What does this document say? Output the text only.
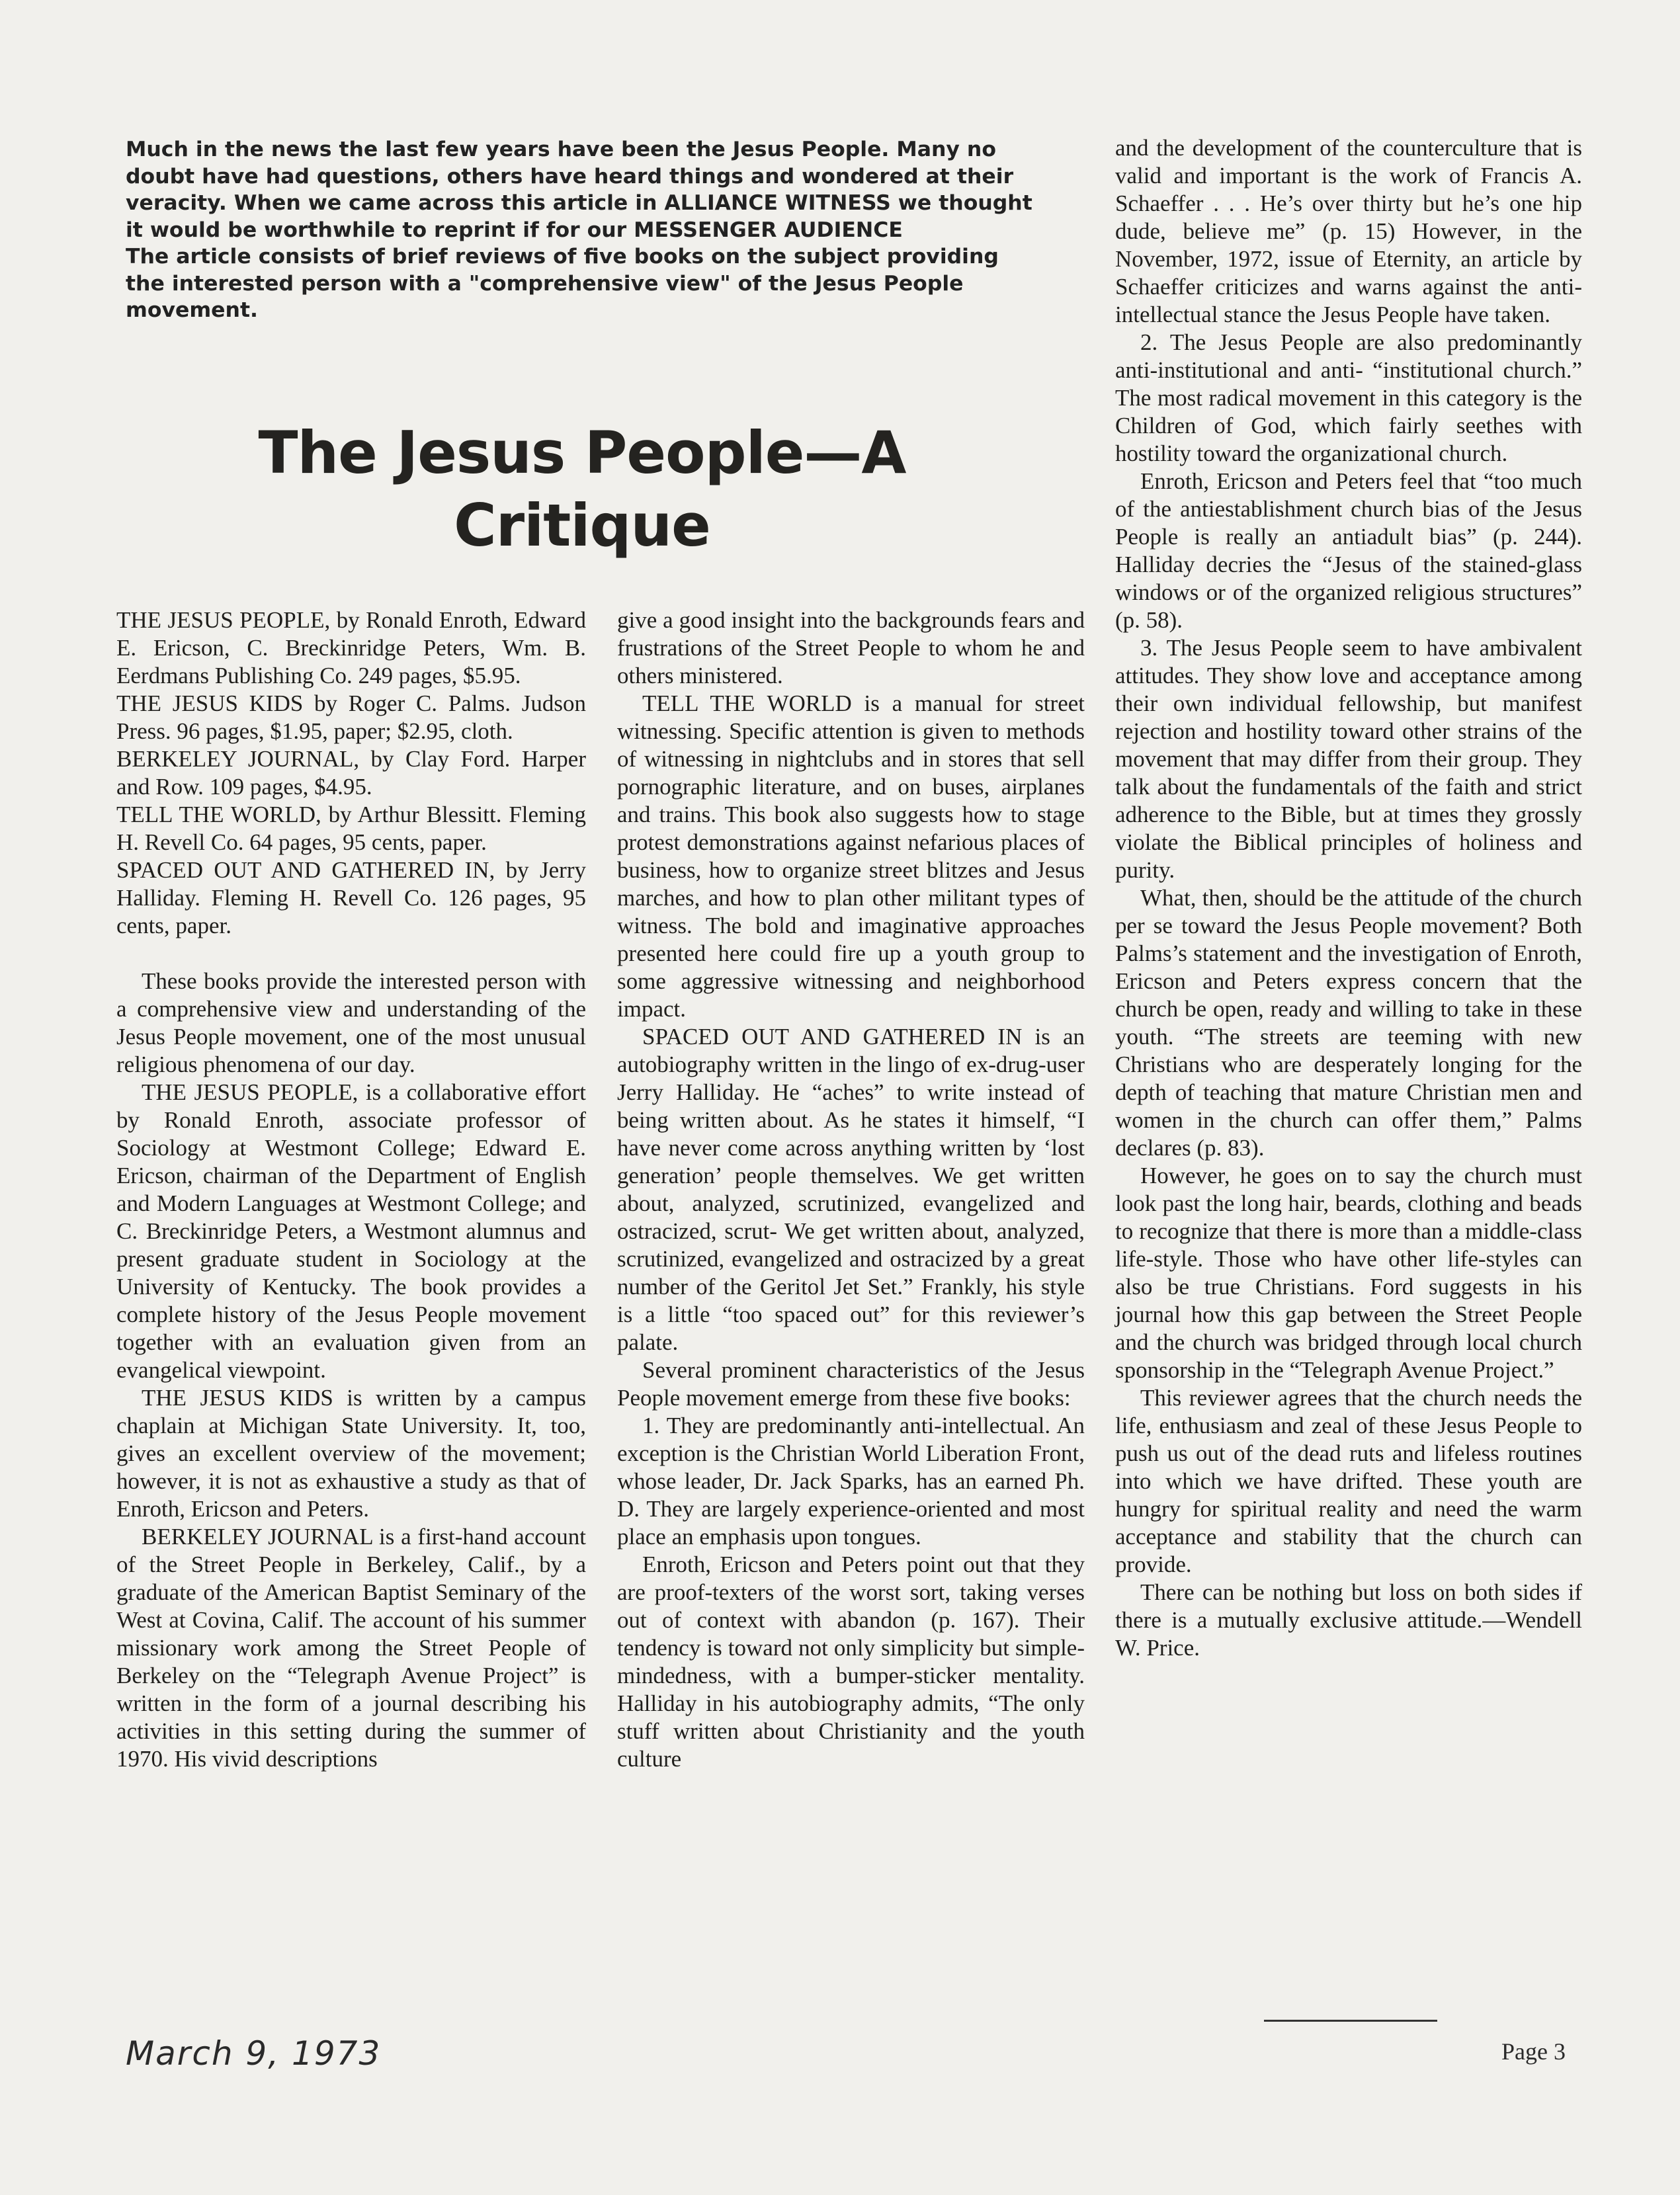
Much in the news the last few years have been the Jesus People. Many no doubt have had questions, others have heard things and wondered at their veracity. When we came across this article in ALLIANCE WITNESS we thought it would be worthwhile to reprint if for our MESSENGER AUDIENCE

The article consists of brief reviews of five books on the subject providing the interested person with a "comprehensive view" of the Jesus People movement.

The Jesus People—A Critique

THE JESUS PEOPLE, by Ronald Enroth, Edward E. Ericson, C. Breckinridge Peters, Wm. B. Eerdmans Publishing Co. 249 pages, $5.95.

THE JESUS KIDS by Roger C. Palms. Judson Press. 96 pages, $1.95, paper; $2.95, cloth.

BERKELEY JOURNAL, by Clay Ford. Harper and Row. 109 pages, $4.95.

TELL THE WORLD, by Arthur Blessitt. Fleming H. Revell Co. 64 pages, 95 cents, paper.

SPACED OUT AND GATHERED IN, by Jerry Halliday. Fleming H. Revell Co. 126 pages, 95 cents, paper.

These books provide the interested person with a comprehensive view and understanding of the Jesus People movement, one of the most unusual religious phenomena of our day.

THE JESUS PEOPLE, is a collaborative effort by Ronald Enroth, associate professor of Sociology at Westmont College; Edward E. Ericson, chairman of the Department of English and Modern Languages at Westmont College; and C. Breckinridge Peters, a Westmont alumnus and present graduate student in Sociology at the University of Kentucky. The book provides a complete history of the Jesus People movement together with an evaluation given from an evangelical viewpoint.

THE JESUS KIDS is written by a campus chaplain at Michigan State University. It, too, gives an excellent overview of the movement; however, it is not as exhaustive a study as that of Enroth, Ericson and Peters.

BERKELEY JOURNAL is a first-hand account of the Street People in Berkeley, Calif., by a graduate of the American Baptist Seminary of the West at Covina, Calif. The account of his summer missionary work among the Street People of Berkeley on the “Telegraph Avenue Project” is written in the form of a journal describing his activities in this setting during the summer of 1970. His vivid descriptions

give a good insight into the backgrounds fears and frustrations of the Street People to whom he and others ministered.

TELL THE WORLD is a manual for street witnessing. Specific attention is given to methods of witnessing in nightclubs and in stores that sell pornographic literature, and on buses, airplanes and trains. This book also suggests how to stage protest demonstrations against nefarious places of business, how to organize street blitzes and Jesus marches, and how to plan other militant types of witness. The bold and imaginative approaches presented here could fire up a youth group to some aggressive witnessing and neighborhood impact.

SPACED OUT AND GATHERED IN is an autobiography written in the lingo of ex-drug-user Jerry Halliday. He “aches” to write instead of being written about. As he states it himself, “I have never come across anything written by ‘lost generation’ people themselves. We get written about, analyzed, scrutinized, evangelized and ostracized, scrut- We get written about, analyzed, scrutinized, evangelized and ostracized by a great number of the Geritol Jet Set.” Frankly, his style is a little “too spaced out” for this reviewer’s palate.

Several prominent characteristics of the Jesus People movement emerge from these five books:

1. They are predominantly anti-intellectual. An exception is the Christian World Liberation Front, whose leader, Dr. Jack Sparks, has an earned Ph. D. They are largely experience-oriented and most place an emphasis upon tongues.

Enroth, Ericson and Peters point out that they are proof-texters of the worst sort, taking verses out of context with abandon (p. 167). Their tendency is toward not only simplicity but simple-mindedness, with a bumper-sticker mentality. Halliday in his autobiography admits, “The only stuff written about Christianity and the youth culture

and the development of the counterculture that is valid and important is the work of Francis A. Schaeffer . . . He’s over thirty but he’s one hip dude, believe me” (p. 15) However, in the November, 1972, issue of Eternity, an article by Schaeffer criticizes and warns against the anti-intellectual stance the Jesus People have taken.

2. The Jesus People are also predominantly anti-institutional and anti- “institutional church.” The most radical movement in this category is the Children of God, which fairly seethes with hostility toward the organizational church.

Enroth, Ericson and Peters feel that “too much of the antiestablishment church bias of the Jesus People is really an antiadult bias” (p. 244). Halliday decries the “Jesus of the stained-glass windows or of the organized religious structures” (p. 58).

3. The Jesus People seem to have ambivalent attitudes. They show love and acceptance among their own individual fellowship, but manifest rejection and hostility toward other strains of the movement that may differ from their group. They talk about the fundamentals of the faith and strict adherence to the Bible, but at times they grossly violate the Biblical principles of holiness and purity.

What, then, should be the attitude of the church per se toward the Jesus People movement? Both Palms’s statement and the investigation of Enroth, Ericson and Peters express concern that the church be open, ready and willing to take in these youth. “The streets are teeming with new Christians who are desperately longing for the depth of teaching that mature Christian men and women in the church can offer them,” Palms declares (p. 83).

However, he goes on to say the church must look past the long hair, beards, clothing and beads to recognize that there is more than a middle-class life-style. Those who have other life-styles can also be true Christians. Ford suggests in his journal how this gap between the Street People and the church was bridged through local church sponsorship in the “Telegraph Avenue Project.”

This reviewer agrees that the church needs the life, enthusiasm and zeal of these Jesus People to push us out of the dead ruts and lifeless routines into which we have drifted. These youth are hungry for spiritual reality and need the warm acceptance and stability that the church can provide.

There can be nothing but loss on both sides if there is a mutually exclusive attitude.—Wendell W. Price.

March 9, 1973	Page 3
